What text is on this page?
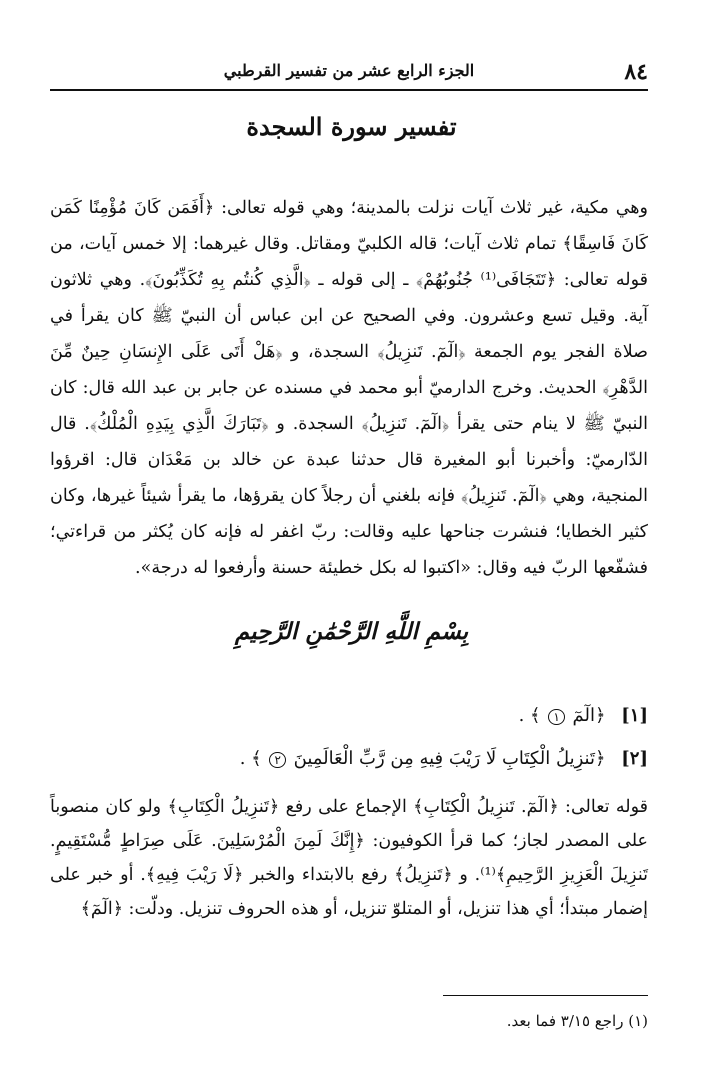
٨٤
الجزء الرابع عشر من تفسير القرطبي
تفسير سورة السجدة

وهي مكية، غير ثلاث آيات نزلت بالمدينة؛ وهي قوله تعالى: ﴿أَفَمَن كَانَ مُؤْمِنًا كَمَن كَانَ فَاسِقًا﴾ تمام ثلاث آيات؛ قاله الكلبيّ ومقاتل. وقال غيرهما: إلا خمس آيات، من قوله تعالى: ﴿تَتَجَافَى⁽¹⁾ جُنُوبُهُمْ﴾ ـ إلى قوله ـ ﴿الَّذِي كُنتُم بِهِ تُكَذِّبُونَ﴾. وهي ثلاثون آية. وقيل تسع وعشرون. وفي الصحيح عن ابن عباس أن النبيّ ﷺ كان يقرأ في صلاة الفجر يوم الجمعة ﴿الٓمٓ. تَنزِيلُ﴾ السجدة، و ﴿هَلْ أَتَى عَلَى الإِنسَانِ حِينٌ مِّنَ الدَّهْرِ﴾ الحديث. وخرج الدارميّ أبو محمد في مسنده عن جابر بن عبد الله قال: كان النبيّ ﷺ لا ينام حتى يقرأ ﴿الٓمٓ. تَنزِيلُ﴾ السجدة. و ﴿تَبَارَكَ الَّذِي بِيَدِهِ الْمُلْكُ﴾. قال الدّارميّ: وأخبرنا أبو المغيرة قال حدثنا عبدة عن خالد بن مَعْدَان قال: اقرؤوا المنجية، وهي ﴿الٓمٓ. تَنزِيلُ﴾ فإنه بلغني أن رجلاً كان يقرؤها، ما يقرأ شيئاً غيرها، وكان كثير الخطايا؛ فنشرت جناحها عليه وقالت: ربّ اغفر له فإنه كان يُكثر من قراءتي؛ فشفّعها الربّ فيه وقال: «اكتبوا له بكل خطيئة حسنة وأرفعوا له درجة».

بِسْمِ اللَّهِ الرَّحْمَٰنِ الرَّحِيمِ
[١] ﴿الٓمٓ ١ ﴾ .
[٢] ﴿تَنزِيلُ الْكِتَابِ لَا رَيْبَ فِيهِ مِن رَّبِّ الْعَالَمِينَ ٢ ﴾ .

قوله تعالى: ﴿الٓمٓ. تَنزِيلُ الْكِتَابِ﴾ الإجماع على رفع ﴿تَنزِيلُ الْكِتَابِ﴾ ولو كان منصوباً على المصدر لجاز؛ كما قرأ الكوفيون: ﴿إِنَّكَ لَمِنَ الْمُرْسَلِينَ. عَلَى صِرَاطٍ مُّسْتَقِيمٍ. تَنزِيلَ الْعَزِيزِ الرَّحِيمِ﴾⁽¹⁾. و ﴿تَنزِيلُ﴾ رفع بالابتداء والخبر ﴿لَا رَيْبَ فِيهِ﴾. أو خبر على إضمار مبتدأ؛ أي هذا تنزيل، أو المتلوّ تنزيل، أو هذه الحروف تنزيل. ودلّت: ﴿الٓمٓ﴾

(١) راجع ٣/١٥ فما بعد.
